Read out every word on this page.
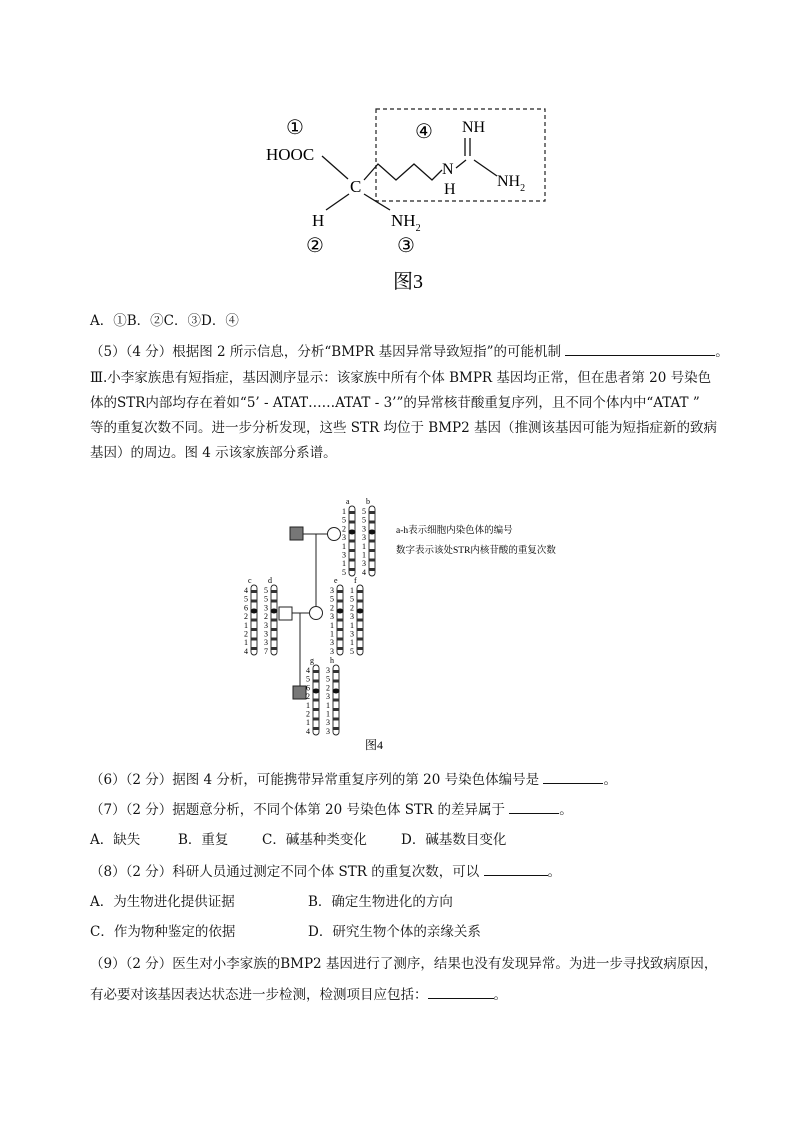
①	④
②	③
HOOC
C
H	$NH_2$
NH
N
H	$NH_2$
图3
A．①B．②C．③D．④
（5）（4 分）根据图 2 所示信息，分析“BMPR 基因异常导致短指”的可能机制	。
Ⅲ.小李家族患有短指症，基因测序显示：该家族中所有个体 BMPR 基因均正常，但在患者第 20 号染色
体的STR内部均存在着如“5’ - ATAT……ATAT - 3’”的异常核苷酸重复序列，且不同个体内中“ATAT ”
等的重复次数不同。进一步分析发现，这些 STR 均位于 BMP2 基因（推测该基因可能为短指症新的致病
基因）的周边。图 4 示该家族部分系谱。
a
1
5
2
3
1
3
1
5
b
5
5
3
3
1
1
3
4
c
4
5
6
2
1
2
1
4
d
5
5
3
2
3
3
3
7
e
3
5
2
3
1
1
3
3
f
1
5
2
3
1
3
1
5
g
4
5
6
2
1
2
1
4
h
3
5
2
3
1
1
3
3
a-h表示细胞内染色体的编号
数字表示该处STR内核苷酸的重复次数
图4
（6）（2 分）据图 4 分析，可能携带异常重复序列的第 20 号染色体编号是	。
（7）（2 分）据题意分析，不同个体第 20 号染色体 STR 的差异属于	。
A．缺失	B．重复 C．碱基种类变化	D．碱基数目变化
（8）（2 分）科研人员通过测定不同个体 STR 的重复次数，可以	。
A．为生物进化提供证据	B．确定生物进化的方向
C．作为物种鉴定的依据	D．研究生物个体的亲缘关系
（9）（2 分）医生对小李家族的BMP2 基因进行了测序，结果也没有发现异常。为进一步寻找致病原因，
有必要对该基因表达状态进一步检测，检测项目应包括：	。
